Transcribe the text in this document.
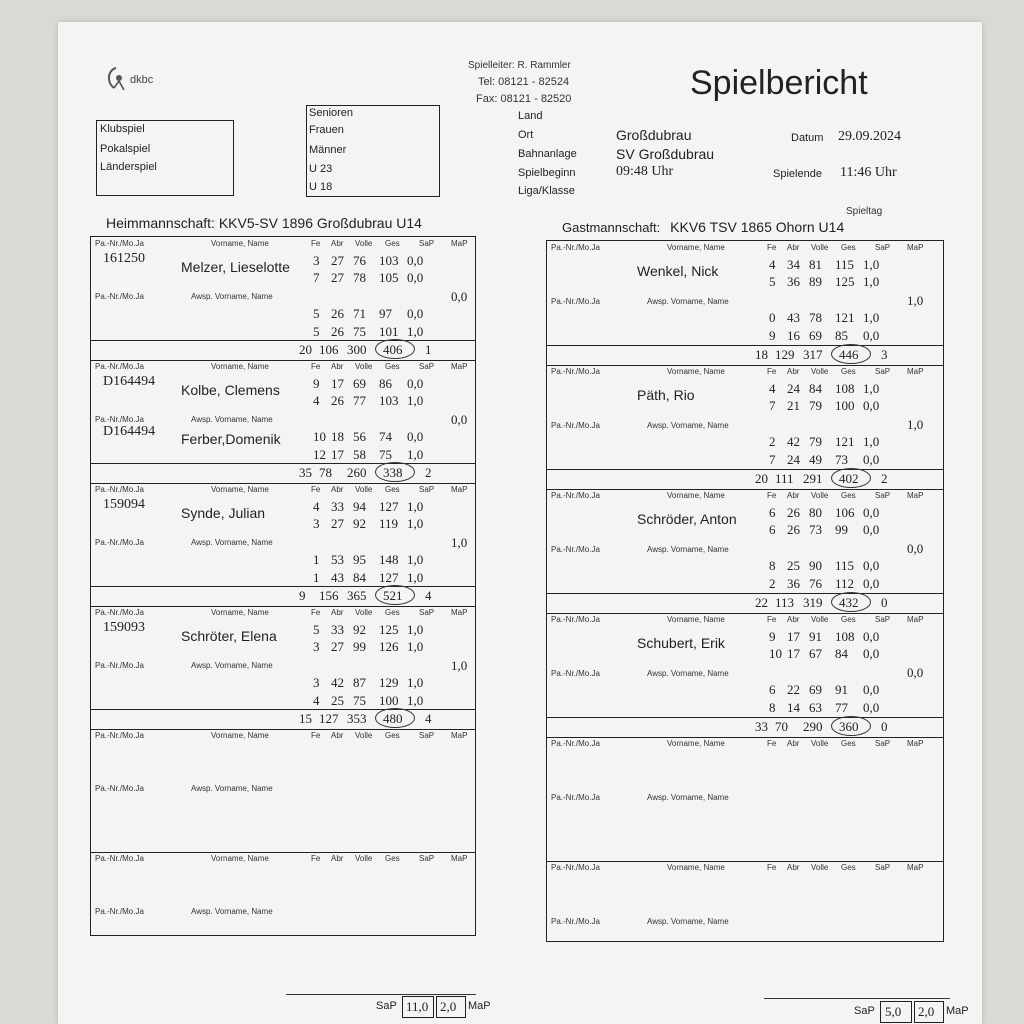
dkbc
Spielleiter: R. Rammler
Tel: 08121 - 82524
Fax: 08121 - 82520	Spielbericht
Klubspiel
Pokalspiel
Länderspiel
Senioren
Frauen
Männer
U 23
U 18
Land
Ort	Großdubrau
Bahnanlage	SV Großdubrau
Spielbeginn	09:48 Uhr
Liga/Klasse
Datum 29.09.2024
Spielende 11:46 Uhr
Spieltag
Heimmannschaft: KKV5-SV 1896 Großdubrau U14	Gastmannschaft: KKV6 TSV 1865 Ohorn U14
Pa.-Nr./Mo.Ja	Vorname, Name	Fe Abr Volle Ges SaP MaP
Pa.-Nr./Mo.Ja	Awsp. Vorname, Name
161250
Melzer, Lieselotte 3 27 76 103 0,0
7 27 78 105 0,0
5 26 71 97 0,0
5 26 75 101 1,0
0,0
20 106 300 406 1
Pa.-Nr./Mo.Ja	Vorname, Name	Fe Abr Volle Ges SaP MaP
Pa.-Nr./Mo.Ja	Awsp. Vorname, Name
D164494
Kolbe, Clemens
D164494 Ferber,Domenik
9 17 69 86 0,0
4 26 77 103 1,0
10 18 56 74 0,0
12 17 58 75 1,0
0,0
35 78 260 338 2
Pa.-Nr./Mo.Ja	Vorname, Name	Fe Abr Volle Ges SaP MaP
Pa.-Nr./Mo.Ja	Awsp. Vorname, Name
159094
Synde, Julian	4 33 94 127 1,0
3 27 92 119 1,0
1 53 95 148 1,0
1 43 84 127 1,0
1,0
9 156 365 521 4
Pa.-Nr./Mo.Ja	Vorname, Name	Fe Abr Volle Ges SaP MaP
Pa.-Nr./Mo.Ja	Awsp. Vorname, Name
159093
Schröter, Elena	5 33 92 125 1,0
3 27 99 126 1,0
3 42 87 129 1,0
4 25 75 100 1,0
1,0
15 127 353 480 4
Pa.-Nr./Mo.Ja	Vorname, Name	Fe Abr Volle Ges SaP MaP
Pa.-Nr./Mo.Ja	Awsp. Vorname, Name
Pa.-Nr./Mo.Ja	Vorname, Name	Fe Abr Volle Ges SaP MaP
Pa.-Nr./Mo.Ja	Awsp. Vorname, Name
Pa.-Nr./Mo.Ja	Vorname, Name	Fe Abr Volle Ges SaP MaP
Pa.-Nr./Mo.Ja	Awsp. Vorname, Name
Wenkel, Nick	4 34 81 115 1,0
5 36 89 125 1,0
0 43 78 121 1,0
9 16 69 85 0,0
1,0
18 129 317 446 3
Pa.-Nr./Mo.Ja	Vorname, Name	Fe Abr Volle Ges SaP MaP
Pa.-Nr./Mo.Ja	Awsp. Vorname, Name
Päth, Rio	4 24 84 108 1,0
7 21 79 100 0,0
2 42 79 121 1,0
7 24 49 73 0,0
1,0
20 111 291 402 2
Pa.-Nr./Mo.Ja	Vorname, Name	Fe Abr Volle Ges SaP MaP
Pa.-Nr./Mo.Ja	Awsp. Vorname, Name
Schröder, Anton 6 26 80 106 0,0
6 26 73 99 0,0
8 25 90 115 0,0
2 36 76 112 0,0
0,0
22 113 319 432 0
Pa.-Nr./Mo.Ja	Vorname, Name	Fe Abr Volle Ges SaP MaP
Pa.-Nr./Mo.Ja	Awsp. Vorname, Name
Schubert, Erik	9 17 91 108 0,0
10 17 67 84 0,0
6 22 69 91 0,0
8 14 63 77 0,0
0,0
33 70 290 360 0
Pa.-Nr./Mo.Ja	Vorname, Name	Fe Abr Volle Ges SaP MaP
Pa.-Nr./Mo.Ja	Awsp. Vorname, Name
Pa.-Nr./Mo.Ja	Vorname, Name	Fe Abr Volle Ges SaP MaP
Pa.-Nr./Mo.Ja	Awsp. Vorname, Name
SaP 11,0 2,0 MaP	SaP 5,0 2,0 MaP
